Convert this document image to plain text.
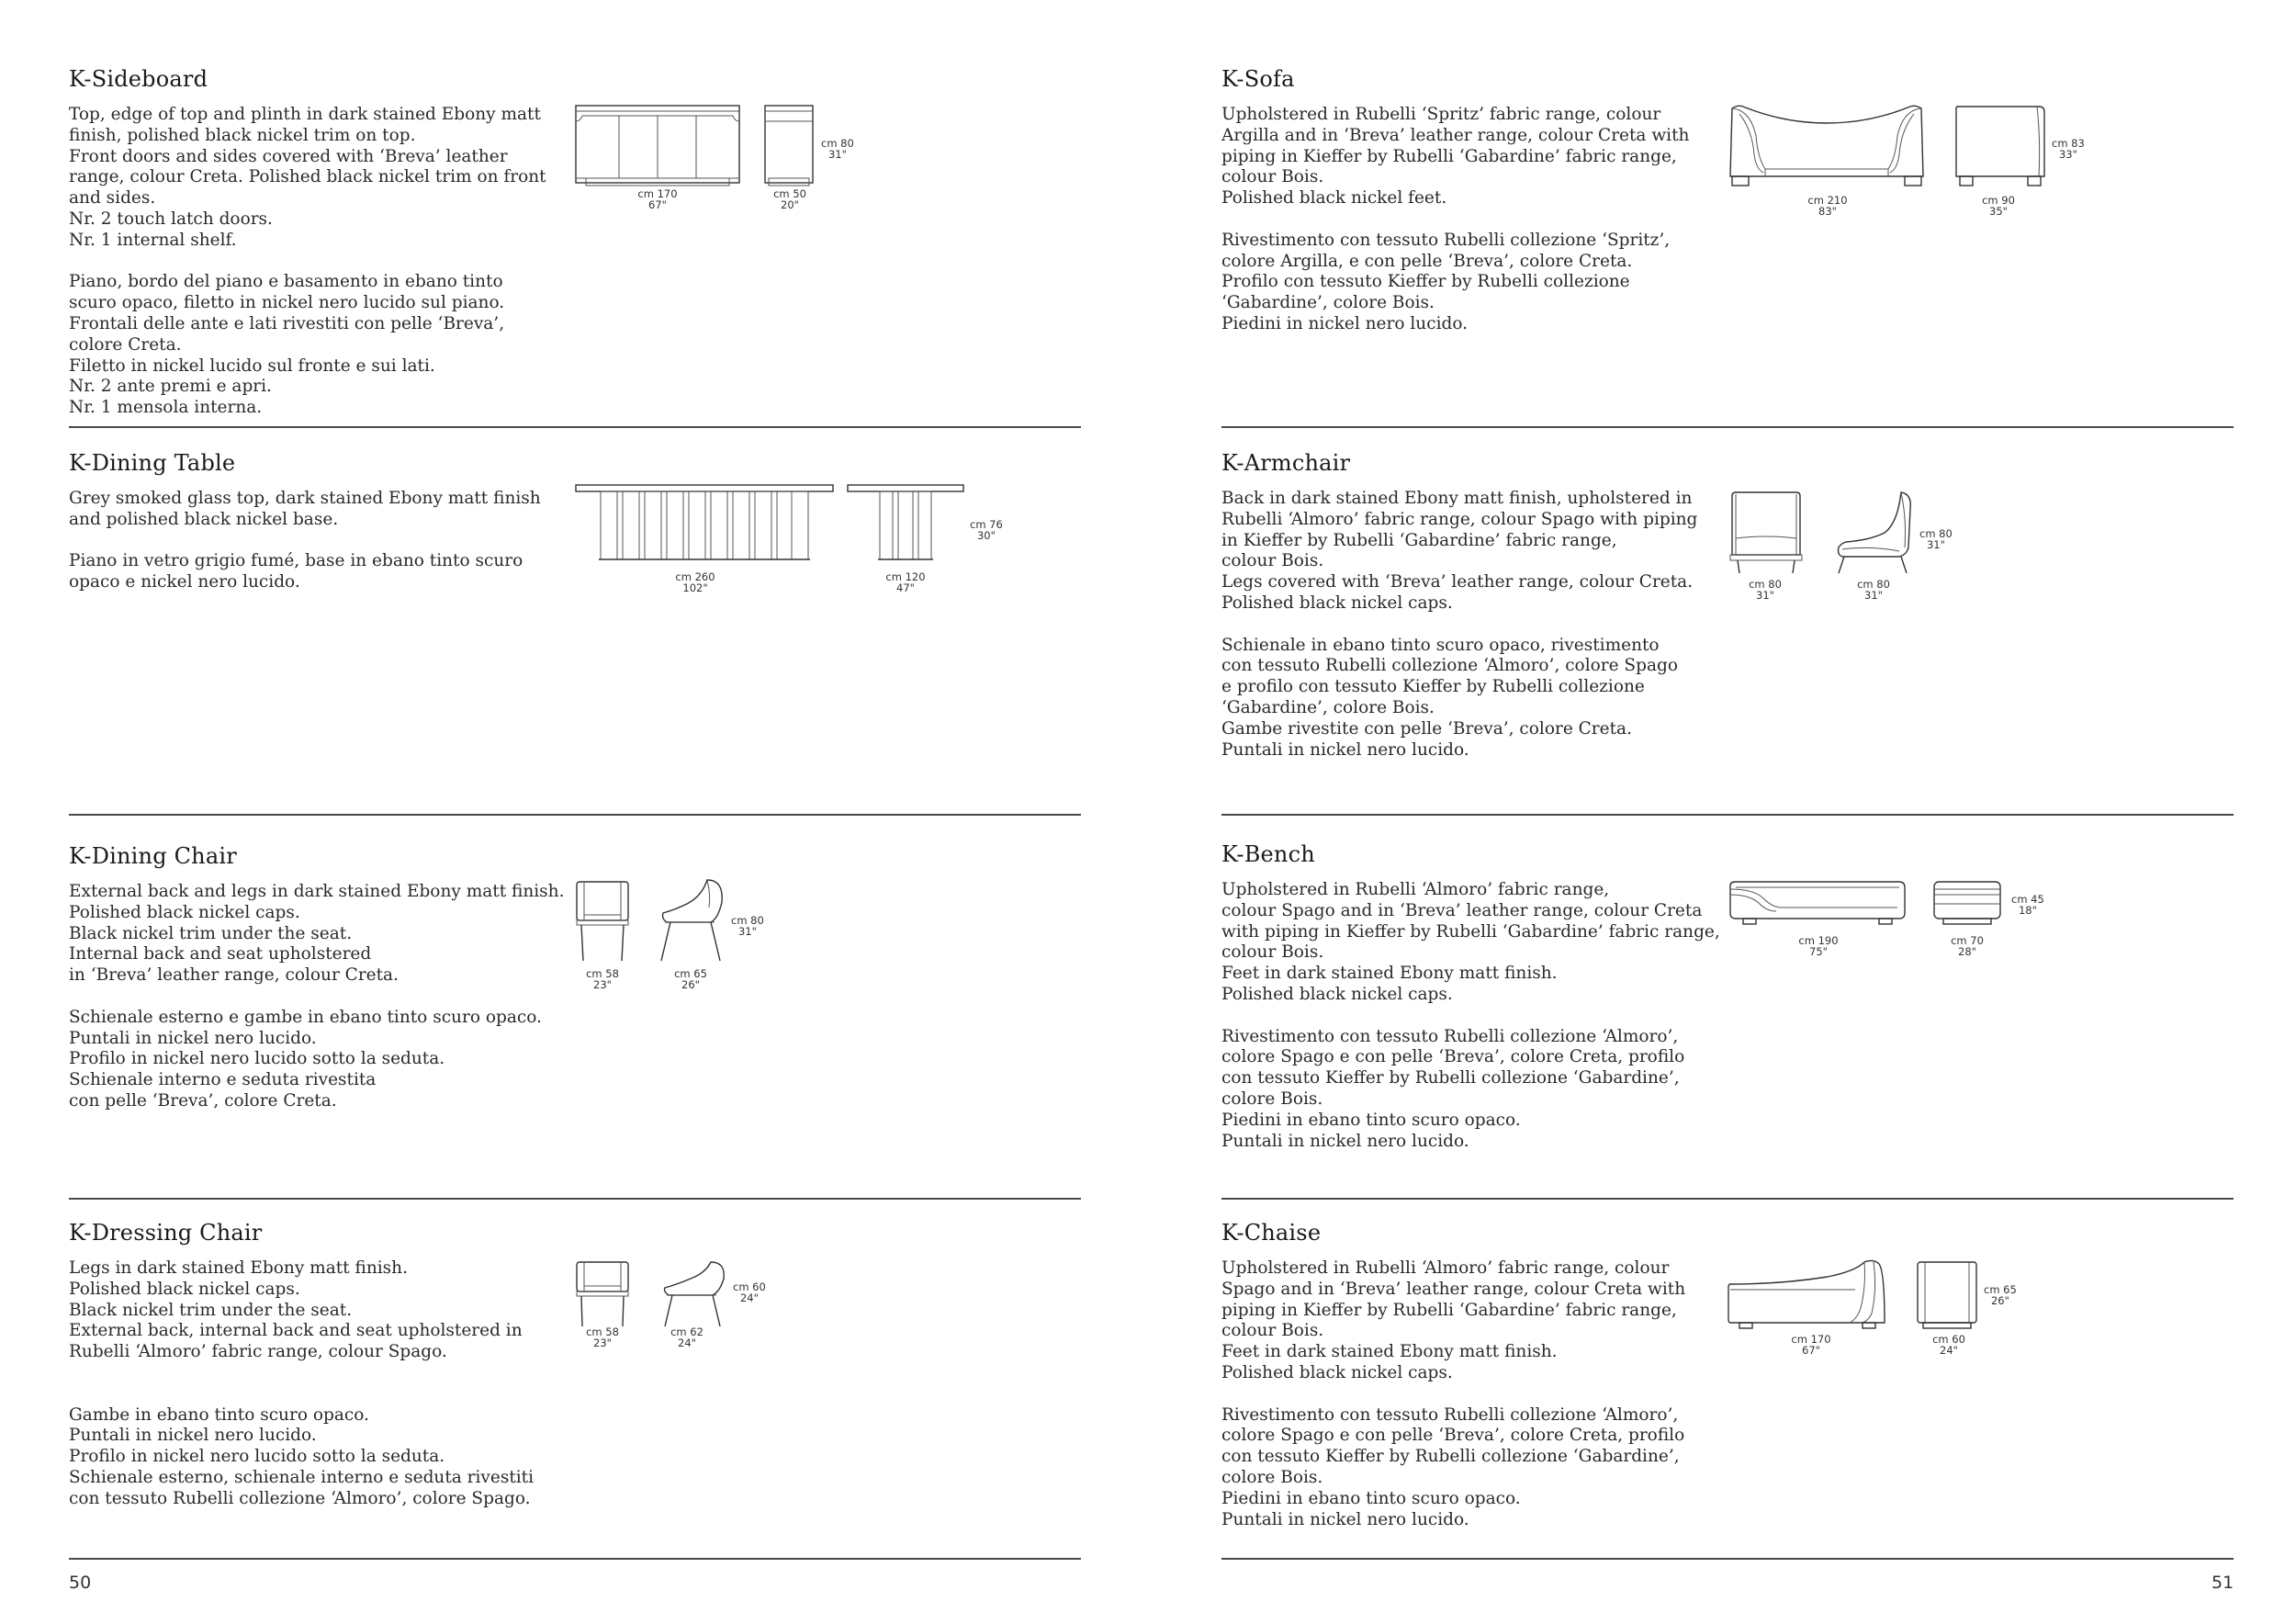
K-Sideboard
Top, edge of top and plinth in dark stained Ebony matt
finish, polished black nickel trim on top.
Front doors and sides covered with ‘Breva’ leather
range, colour Creta. Polished black nickel trim on front
and sides.
Nr. 2 touch latch doors.
Nr. 1 internal shelf.
Piano, bordo del piano e basamento in ebano tinto
scuro opaco, filetto in nickel nero lucido sul piano.
Frontali delle ante e lati rivestiti con pelle ‘Breva’,
colore Creta.
Filetto in nickel lucido sul fronte e sui lati.
Nr. 2 ante premi e apri.
Nr. 1 mensola interna.
cm 80
31"
cm 170
67"
cm 50
20"
K-Dining Table
Grey smoked glass top, dark stained Ebony matt finish
and polished black nickel base.
Piano in vetro grigio fumé, base in ebano tinto scuro
opaco e nickel nero lucido.
cm 76
30"
cm 260
102"
cm 120
47"
K-Dining Chair
External back and legs in dark stained Ebony matt finish.
Polished black nickel caps.
Black nickel trim under the seat.
Internal back and seat upholstered
in ‘Breva’ leather range, colour Creta.
Schienale esterno e gambe in ebano tinto scuro opaco.
Puntali in nickel nero lucido.
Profilo in nickel nero lucido sotto la seduta.
Schienale interno e seduta rivestita
con pelle ‘Breva’, colore Creta.
cm 80
31"
cm 58
23"
cm 65
26"
K-Dressing Chair
Legs in dark stained Ebony matt finish.
Polished black nickel caps.
Black nickel trim under the seat.
External back, internal back and seat upholstered in
Rubelli ‘Almoro’ fabric range, colour Spago.
Gambe in ebano tinto scuro opaco.
Puntali in nickel nero lucido.
Profilo in nickel nero lucido sotto la seduta.
Schienale esterno, schienale interno e seduta rivestiti
con tessuto Rubelli collezione ‘Almoro’, colore Spago.
cm 60
24"
cm 58
23"
cm 62
24"
50
K-Sofa
Upholstered in Rubelli ‘Spritz’ fabric range, colour
Argilla and in ‘Breva’ leather range, colour Creta with
piping in Kieffer by Rubelli ‘Gabardine’ fabric range,
colour Bois.
Polished black nickel feet.
Rivestimento con tessuto Rubelli collezione ‘Spritz’,
colore Argilla, e con pelle ‘Breva’, colore Creta.
Profilo con tessuto Kieffer by Rubelli collezione
‘Gabardine’, colore Bois.
Piedini in nickel nero lucido.
cm 83
33"
cm 210
83"
cm 90
35"
K-Armchair
Back in dark stained Ebony matt finish, upholstered in
Rubelli ‘Almoro’ fabric range, colour Spago with piping
in Kieffer by Rubelli ‘Gabardine’ fabric range,
colour Bois.
Legs covered with ‘Breva’ leather range, colour Creta.
Polished black nickel caps.
Schienale in ebano tinto scuro opaco, rivestimento
con tessuto Rubelli collezione ‘Almoro’, colore Spago
e profilo con tessuto Kieffer by Rubelli collezione
‘Gabardine’, colore Bois.
Gambe rivestite con pelle ‘Breva’, colore Creta.
Puntali in nickel nero lucido.
cm 80
31"
cm 80
31"
cm 80
31"
K-Bench
Upholstered in Rubelli ‘Almoro’ fabric range,
colour Spago and in ‘Breva’ leather range, colour Creta
with piping in Kieffer by Rubelli ‘Gabardine’ fabric range,
colour Bois.
Feet in dark stained Ebony matt finish.
Polished black nickel caps.
Rivestimento con tessuto Rubelli collezione ‘Almoro’,
colore Spago e con pelle ‘Breva’, colore Creta, profilo
con tessuto Kieffer by Rubelli collezione ‘Gabardine’,
colore Bois.
Piedini in ebano tinto scuro opaco.
Puntali in nickel nero lucido.
cm 45
18"
cm 190
75"
cm 70
28"
K-Chaise
Upholstered in Rubelli ‘Almoro’ fabric range, colour
Spago and in ‘Breva’ leather range, colour Creta with
piping in Kieffer by Rubelli ‘Gabardine’ fabric range,
colour Bois.
Feet in dark stained Ebony matt finish.
Polished black nickel caps.
Rivestimento con tessuto Rubelli collezione ‘Almoro’,
colore Spago e con pelle ‘Breva’, colore Creta, profilo
con tessuto Kieffer by Rubelli collezione ‘Gabardine’,
colore Bois.
Piedini in ebano tinto scuro opaco.
Puntali in nickel nero lucido.
cm 65
26"
cm 170
67"
cm 60
24"
51
